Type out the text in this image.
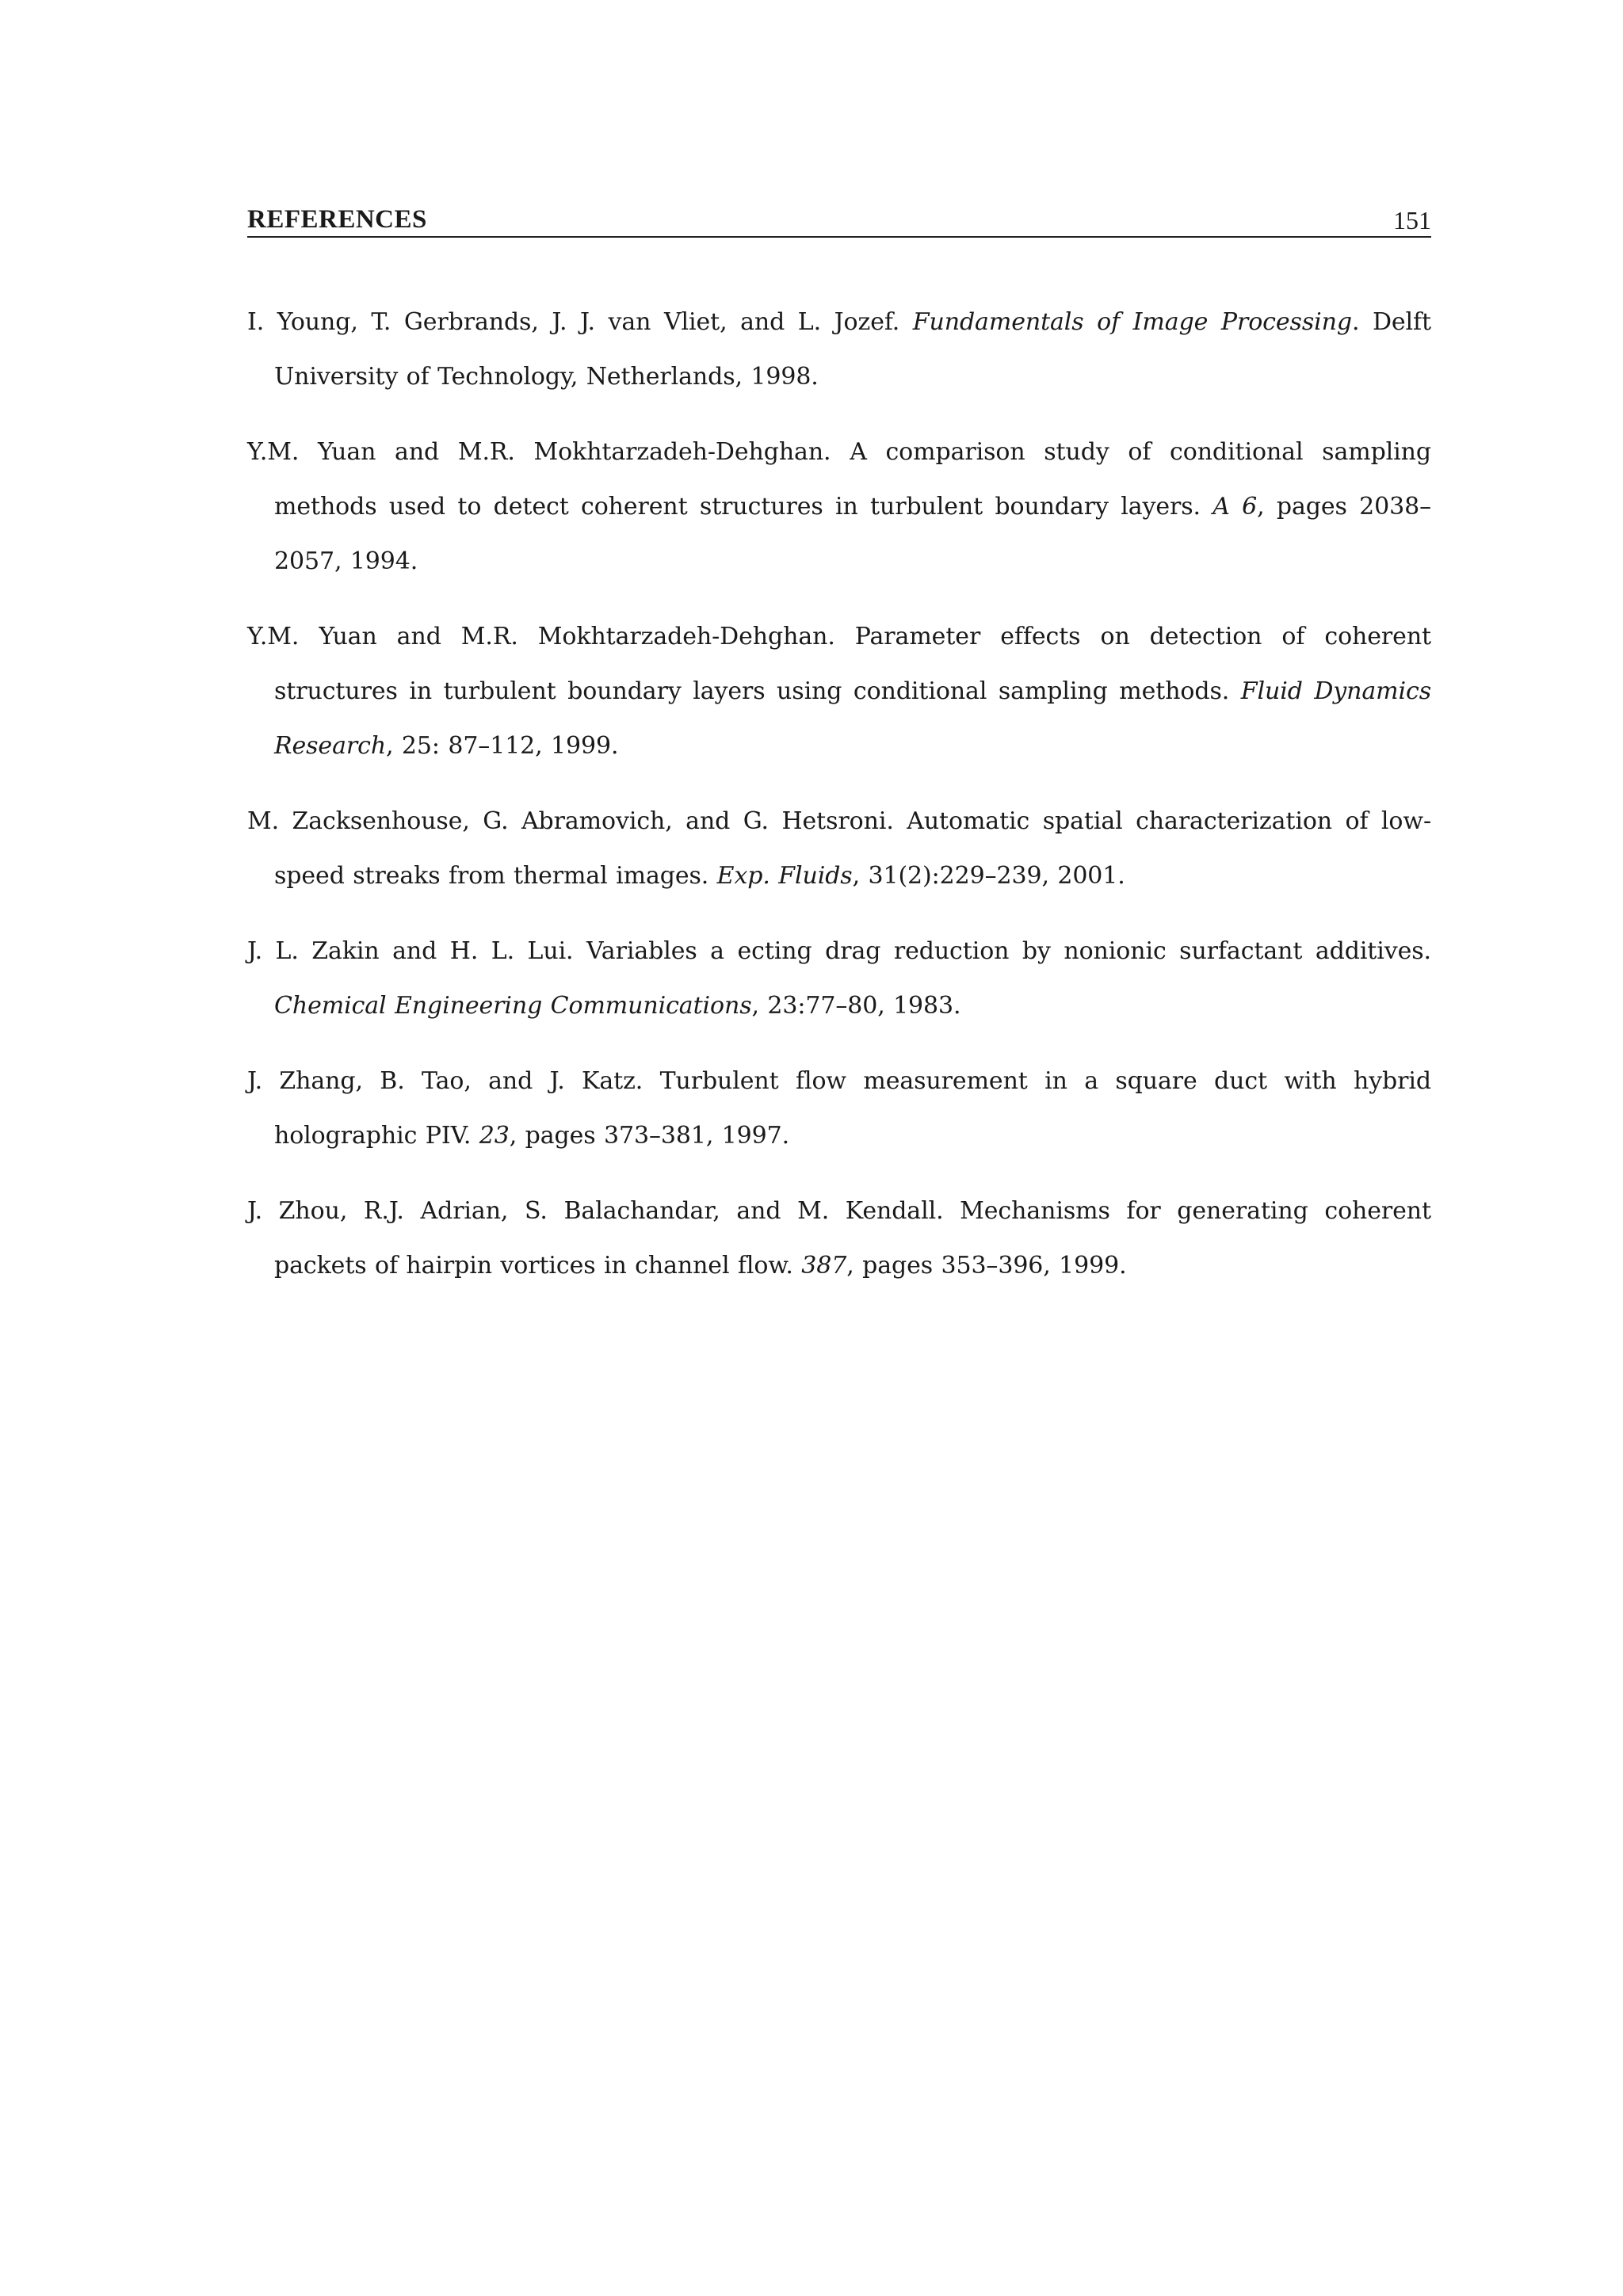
REFERENCES	151
I. Young, T. Gerbrands, J. J. van Vliet, and L. Jozef. Fundamentals of Image Processing. Delft University of Technology, Netherlands, 1998.
Y.M. Yuan and M.R. Mokhtarzadeh-Dehghan. A comparison study of conditional sampling methods used to detect coherent structures in turbulent boundary layers. A 6, pages 2038–2057, 1994.
Y.M. Yuan and M.R. Mokhtarzadeh-Dehghan. Parameter effects on detection of coherent structures in turbulent boundary layers using conditional sampling methods. Fluid Dynamics Research, 25: 87–112, 1999.
M. Zacksenhouse, G. Abramovich, and G. Hetsroni. Automatic spatial characterization of low-speed streaks from thermal images. Exp. Fluids, 31(2):229–239, 2001.
J. L. Zakin and H. L. Lui. Variables a ecting drag reduction by nonionic surfactant additives. Chemical Engineering Communications, 23:77–80, 1983.
J. Zhang, B. Tao, and J. Katz. Turbulent flow measurement in a square duct with hybrid holographic PIV. 23, pages 373–381, 1997.
J. Zhou, R.J. Adrian, S. Balachandar, and M. Kendall. Mechanisms for generating coherent packets of hairpin vortices in channel flow. 387, pages 353–396, 1999.
